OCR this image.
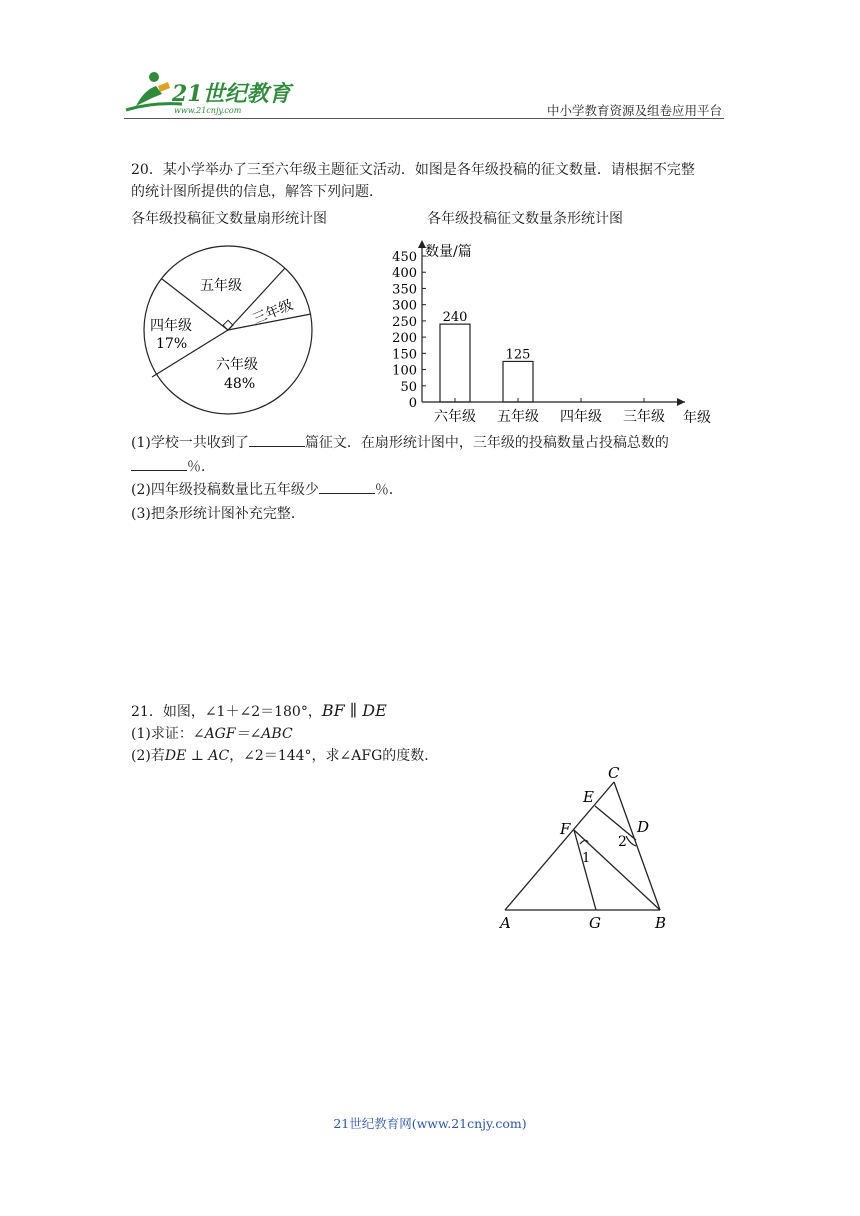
21世纪教育
www.21cnjy.com	中小学教育资源及组卷应用平台
20．某小学举办了三至六年级主题征文活动．如图是各年级投稿的征文数量．请根据不完整
的统计图所提供的信息，解答下列问题．
各年级投稿征文数量扇形统计图	各年级投稿征文数量条形统计图
五年级
三年级
四年级
17%
六年级
48%
数量/篇
年级
0
50
100
150
200
250
300
350
400
450
240
125
六年级 五年级 四年级 三年级
(1)学校一共收到了	篇征文．在扇形统计图中，三年级的投稿数量占投稿总数的
％．
(2)四年级投稿数量比五年级少	％．
(3)把条形统计图补充完整．
21．如图，∠1＋∠2＝180°，BF ∥ DE
(1)求证：∠AGF＝∠ABC
(2)若DE ⊥ AC，∠2＝144°，求∠AFG的度数．
C
E
D
F
2
1
A	G	B
21世纪教育网(www.21cnjy.com)
